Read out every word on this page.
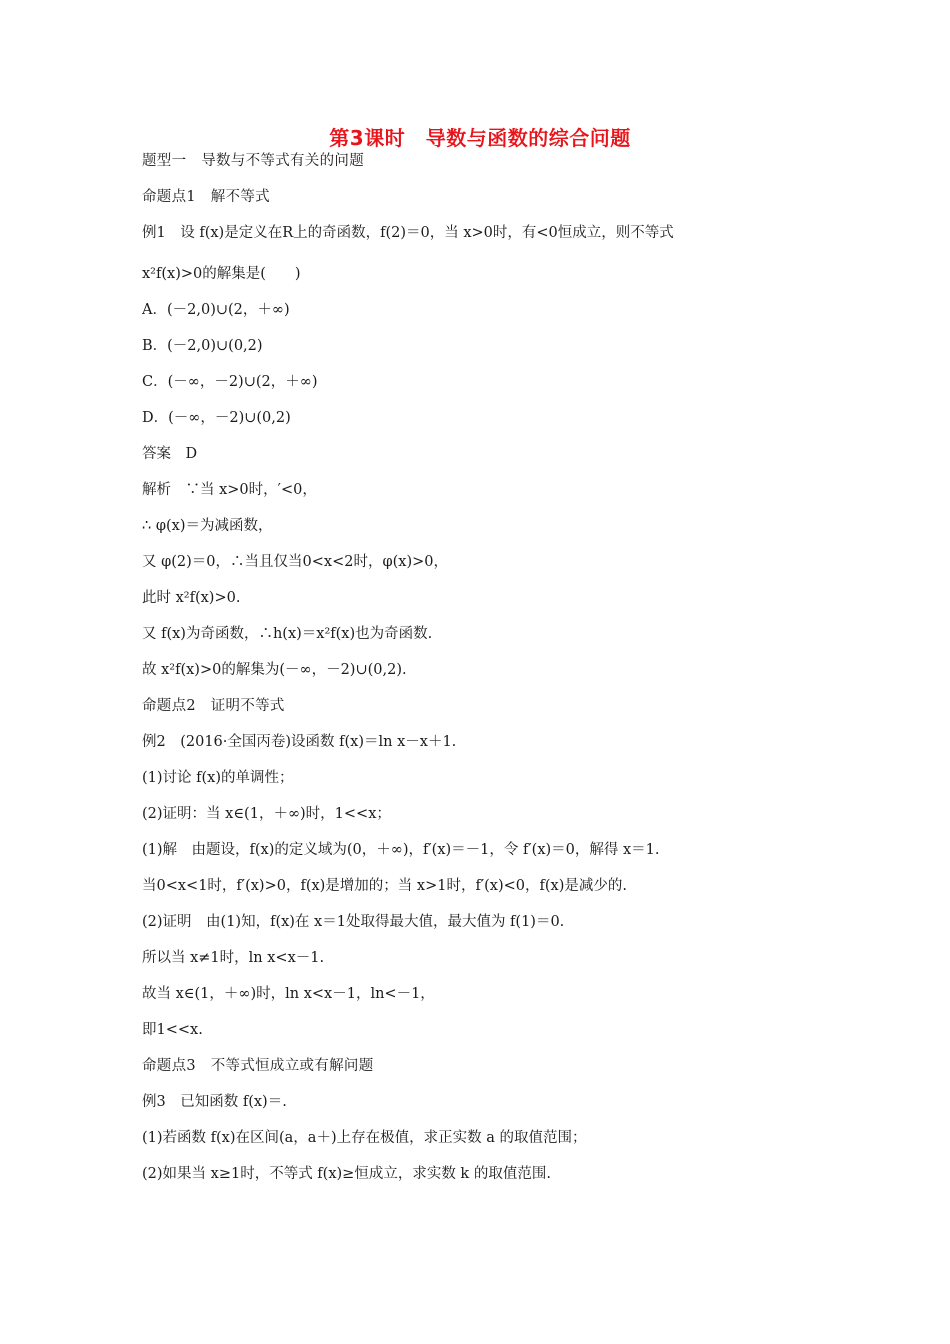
第3课时　导数与函数的综合问题
题型一　导数与不等式有关的问题
命题点1　解不等式
例1　设 f(x)是定义在R上的奇函数，f(2)＝0，当 x>0时，有<0恒成立，则不等式
x²f(x)>0的解集是(　　)
A．(－2,0)∪(2，＋∞)
B．(－2,0)∪(0,2)
C．(－∞，－2)∪(2，＋∞)
D．(－∞，－2)∪(0,2)
答案　D
解析　∵当 x>0时，′<0，
∴ φ(x)＝为减函数，
又 φ(2)＝0，∴当且仅当0<x<2时，φ(x)>0，
此时 x²f(x)>0.
又 f(x)为奇函数，∴h(x)＝x²f(x)也为奇函数.
故 x²f(x)>0的解集为(－∞，－2)∪(0,2).
命题点2　证明不等式
例2　(2016·全国丙卷)设函数 f(x)＝ln x－x＋1.
(1)讨论 f(x)的单调性；
(2)证明：当 x∈(1，＋∞)时，1<<x；
(1)解　由题设，f(x)的定义域为(0，＋∞)，f′(x)＝－1，令 f′(x)＝0，解得 x＝1.
当0<x<1时，f′(x)>0，f(x)是增加的；当 x>1时，f′(x)<0，f(x)是减少的.
(2)证明　由(1)知，f(x)在 x＝1处取得最大值，最大值为 f(1)＝0.
所以当 x≠1时，ln x<x－1.
故当 x∈(1，＋∞)时，ln x<x－1，ln<－1，
即1<<x.
命题点3　不等式恒成立或有解问题
例3　已知函数 f(x)＝.
(1)若函数 f(x)在区间(a，a＋)上存在极值，求正实数 a 的取值范围；
(2)如果当 x≥1时，不等式 f(x)≥恒成立，求实数 k 的取值范围.
